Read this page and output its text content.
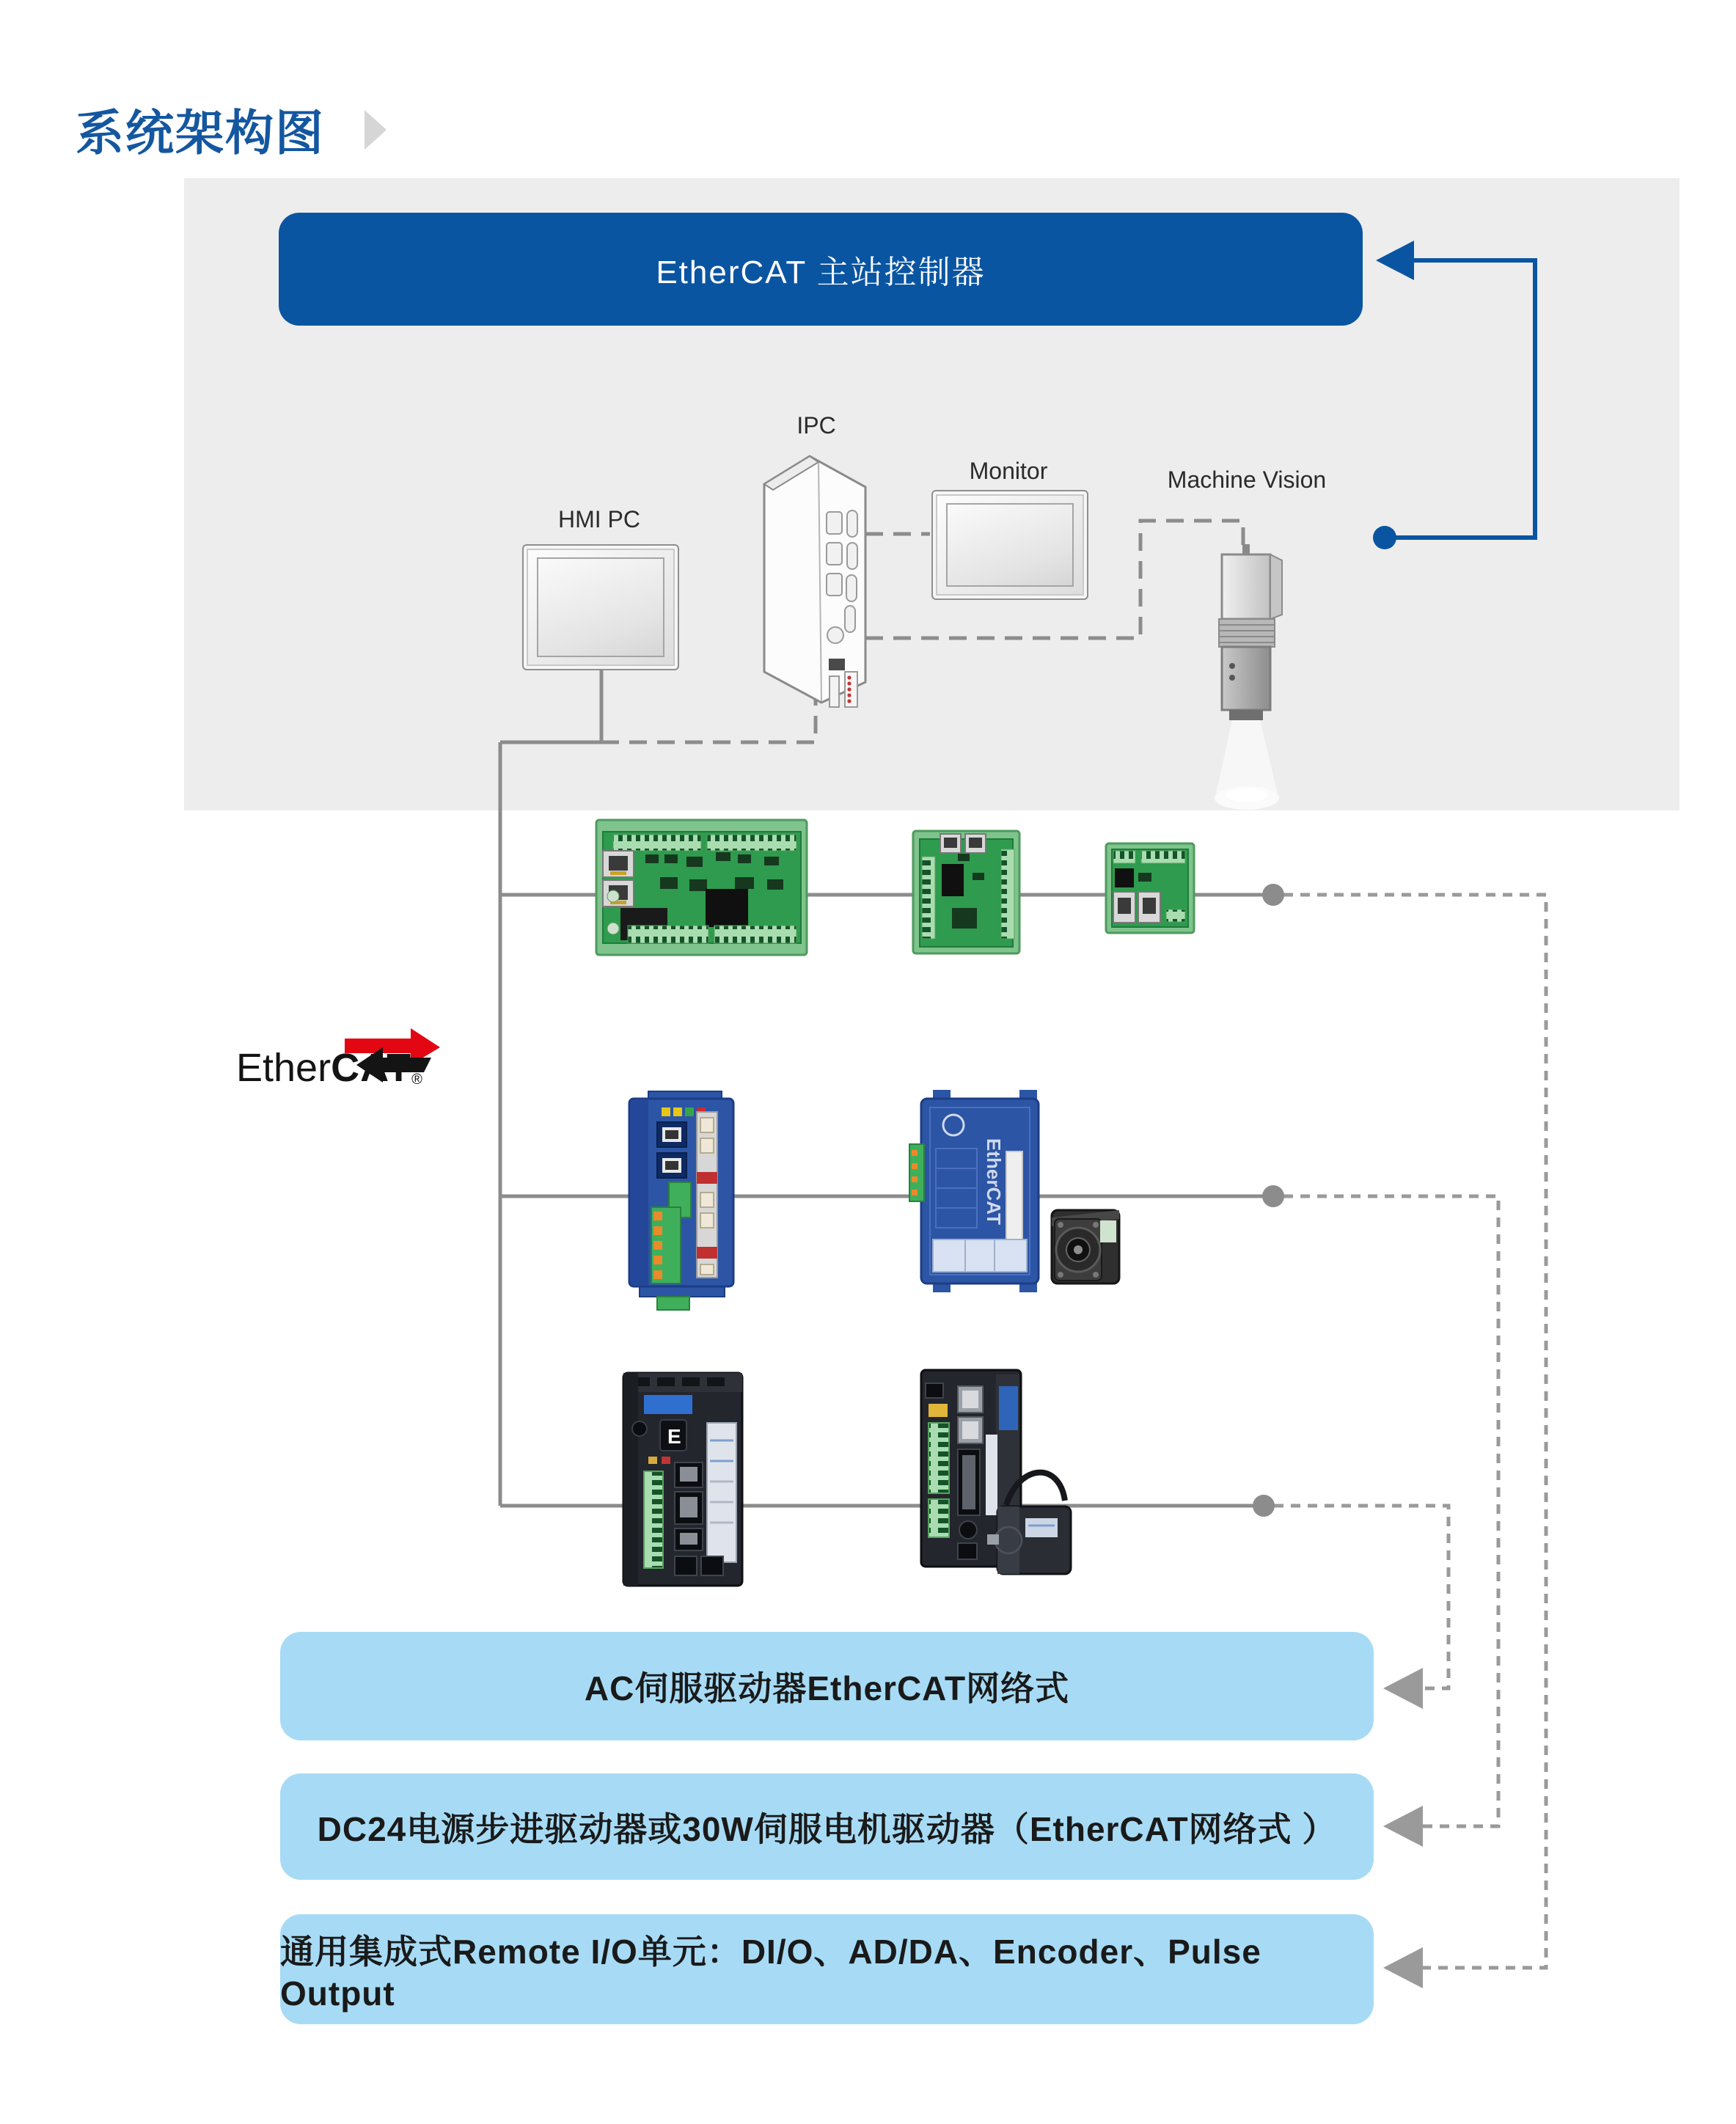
系统架构图
EtherCAT 主站控制器
HMI PC
IPC
Monitor	Machine Vision
EtherCAT
E
EtherCAT®
AC伺服驱动器EtherCAT网络式
DC24电源步进驱动器或30W伺服电机驱动器（EtherCAT网络式 ）
通用集成式Remote I/O单元：DI/O、AD/DA、Encoder、Pulse Output
